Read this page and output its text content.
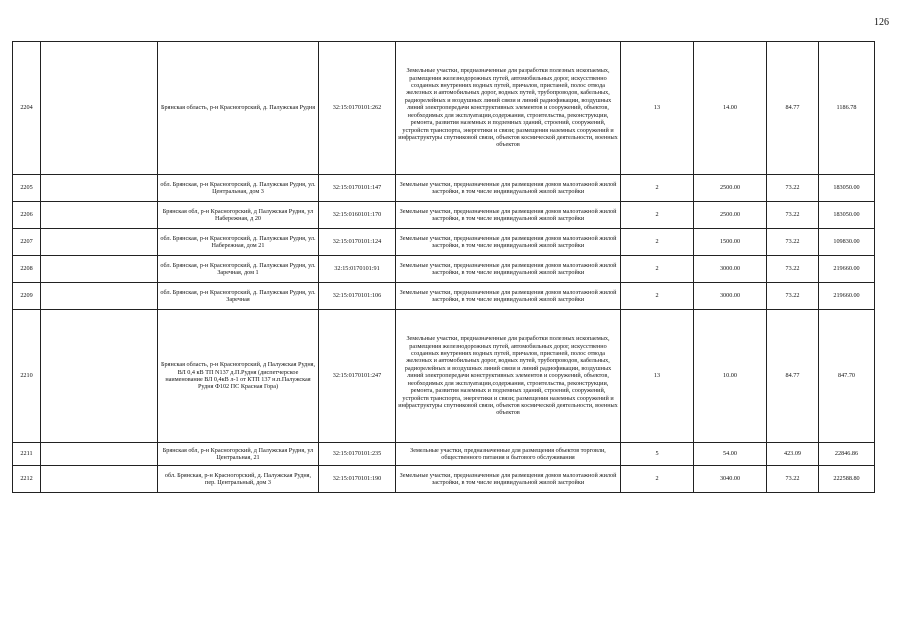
126
2204		Брянская область, р-н Красногорский, д. Палужская Рудня	32:15:0170101:262	Земельные участки, предназначенные для разработки полезных ископаемых, размещения железнодорожных путей, автомобильных дорог, искусственно созданных внутренних водных путей, причалов, пристаней, полос отвода железных и автомобильных дорог, водных путей, трубопроводов, кабельных, радиорелейных и воздушных линий связи и линий радиофикации, воздушных линий электропередачи конструктивных элементов и сооружений, объектов, необходимых для эксплуатации,содержания, строительства, реконструкции, ремонта, развития наземных и подземных зданий, строений, сооружений, устройств транспорта, энергетики и связи; размещения наземных сооружений и инфраструктуры спутниковой связи, объектов космической деятельности, военных объектов	13	14.00	84.77	1186.78
2205		обл. Брянская, р-н Красногорский, д. Палужская Рудня, ул. Центральная, дом 3	32:15:0170101:147	Земельные участки, предназначенные для размещения домов малоэтажной жилой застройки, в том числе индивидуальной жилой застройки	2	2500.00	73.22	183050.00
2206		Брянская обл, р-н Красногорский, д Палужская Рудня, ул Набережная, д 20	32:15:0160101:170	Земельные участки, предназначенные для размещения домов малоэтажной жилой застройки, в том числе индивидуальной жилой застройки	2	2500.00	73.22	183050.00
2207		обл. Брянская, р-н Красногорский, д. Палужская Рудня, ул. Набережная, дом 21	32:15:0170101:124	Земельные участки, предназначенные для размещения домов малоэтажной жилой застройки, в том числе индивидуальной жилой застройки	2	1500.00	73.22	109830.00
2208		обл. Брянская, р-н Красногорский, д. Палужская Рудня, ул. Заречная, дом 1	32:15:0170101:91	Земельные участки, предназначенные для размещения домов малоэтажной жилой застройки, в том числе индивидуальной жилой застройки	2	3000.00	73.22	219660.00
2209		обл. Брянская, р-н Красногорский, д. Палужская Рудня, ул. Заречная	32:15:0170101:106	Земельные участки, предназначенные для размещения домов малоэтажной жилой застройки, в том числе индивидуальной жилой застройки	2	3000.00	73.22	219660.00
2210		Брянская область, р-н Красногорский, д Палужская Рудня, ВЛ 0,4 кВ ТП N137 д.П.Рудня (диспетчерское наименование ВЛ 0,4кВ л-1 от КТП 137 н.п.Палужская Рудня Ф102 ПС Красная Гора)	32:15:0170101:247	Земельные участки, предназначенные для разработки полезных ископаемых, размещения железнодорожных путей, автомобильных дорог, искусственно созданных внутренних водных путей, причалов, пристаней, полос отвода железных и автомобильных дорог, водных путей, трубопроводов, кабельных, радиорелейных и воздушных линий связи и линий радиофикации, воздушных линий электропередачи конструктивных элементов и сооружений, объектов, необходимых для эксплуатации,содержания, строительства, реконструкции, ремонта, развития наземных и подземных зданий, строений, сооружений, устройств транспорта, энергетики и связи; размещения наземных сооружений и инфраструктуры спутниковой связи, объектов космической деятельности, военных объектов	13	10.00	84.77	847.70
2211		Брянская обл, р-н Красногорский, д Палужская Рудня, ул Центральная, 21	32:15:0170101:235	Земельные участки, предназначенные для размещения объектов торговли, общественного питания и бытового обслуживания	5	54.00	423.09	22846.86
2212		обл. Брянская, р-н Красногорский, д. Палужская Рудня, пер. Центральный, дом 3	32:15:0170101:190	Земельные участки, предназначенные для размещения домов малоэтажной жилой застройки, в том числе индивидуальной жилой застройки	2	3040.00	73.22	222588.80
